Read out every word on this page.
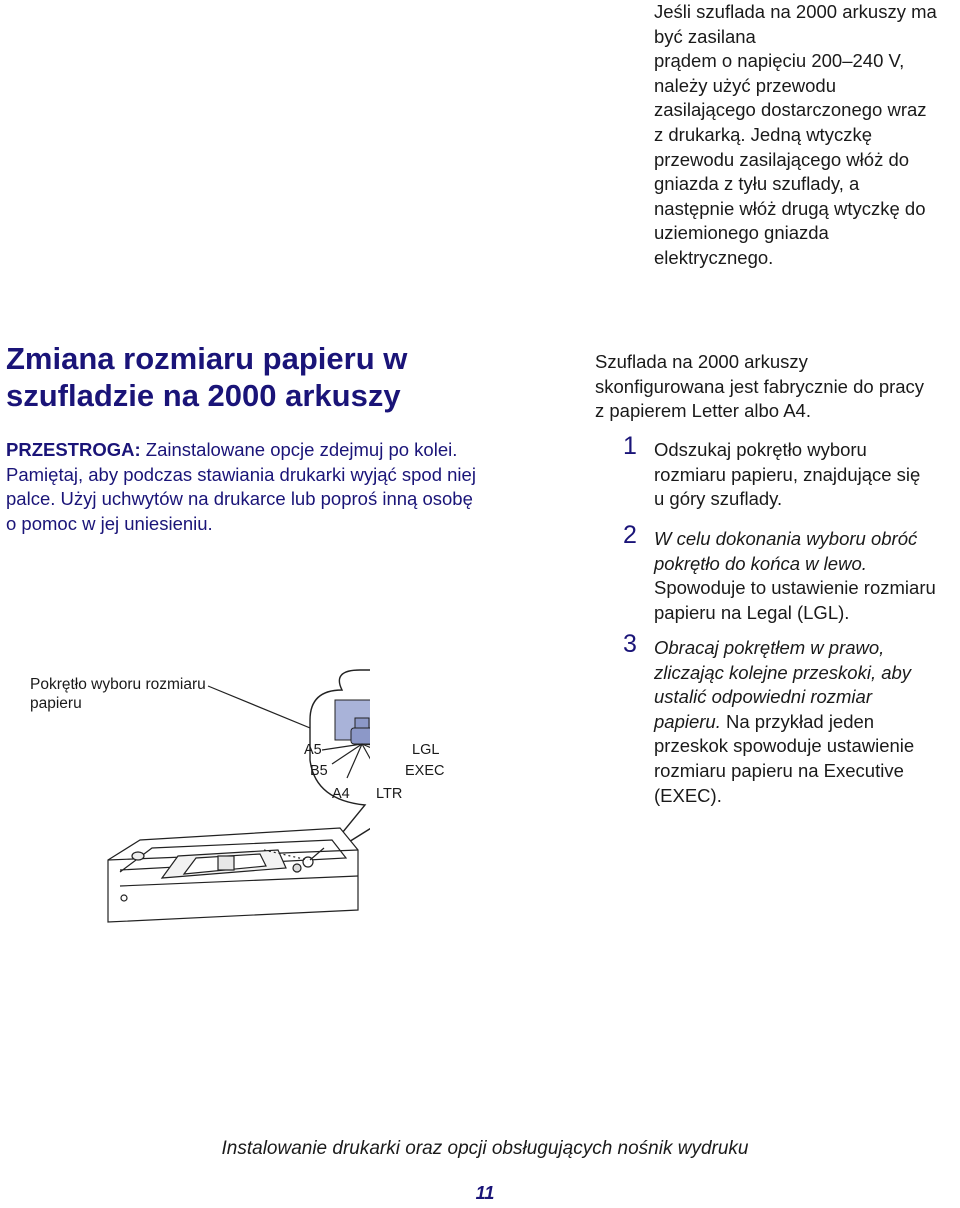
Jeśli szuflada na 2000 arkuszy ma
być zasilana
prądem o napięciu 200–240 V,
należy użyć przewodu
zasilającego dostarczonego wraz
z drukarką. Jedną wtyczkę
przewodu zasilającego włóż do
gniazda z tyłu szuflady, a
następnie włóż drugą wtyczkę do
uziemionego gniazda
elektrycznego.
Zmiana rozmiaru papieru w
szufladzie na 2000 arkuszy
PRZESTROGA: Zainstalowane opcje zdejmuj po kolei.
Pamiętaj, aby podczas stawiania drukarki wyjąć spod niej
palce. Użyj uchwytów na drukarce lub poproś inną osobę
o pomoc w jej uniesieniu.
Szuflada na 2000 arkuszy
skonfigurowana jest fabrycznie do pracy
z papierem Letter albo A4.
1 Odszukaj pokrętło wyboru
rozmiaru papieru, znajdujące się
u góry szuflady.
2 W celu dokonania wyboru obróć
pokrętło do końca w lewo.
Spowoduje to ustawienie rozmiaru
papieru na Legal (LGL).
3 Obracaj pokrętłem w prawo,
zliczając kolejne przeskoki, aby
ustalić odpowiedni rozmiar
papieru. Na przykład jeden
przeskok spowoduje ustawienie
rozmiaru papieru na Executive
(EXEC).
Pokrętło wyboru rozmiaru
papieru
A5
B5
A4 LTR
LGL
EXEC
Instalowanie drukarki oraz opcji obsługujących nośnik wydruku
11
